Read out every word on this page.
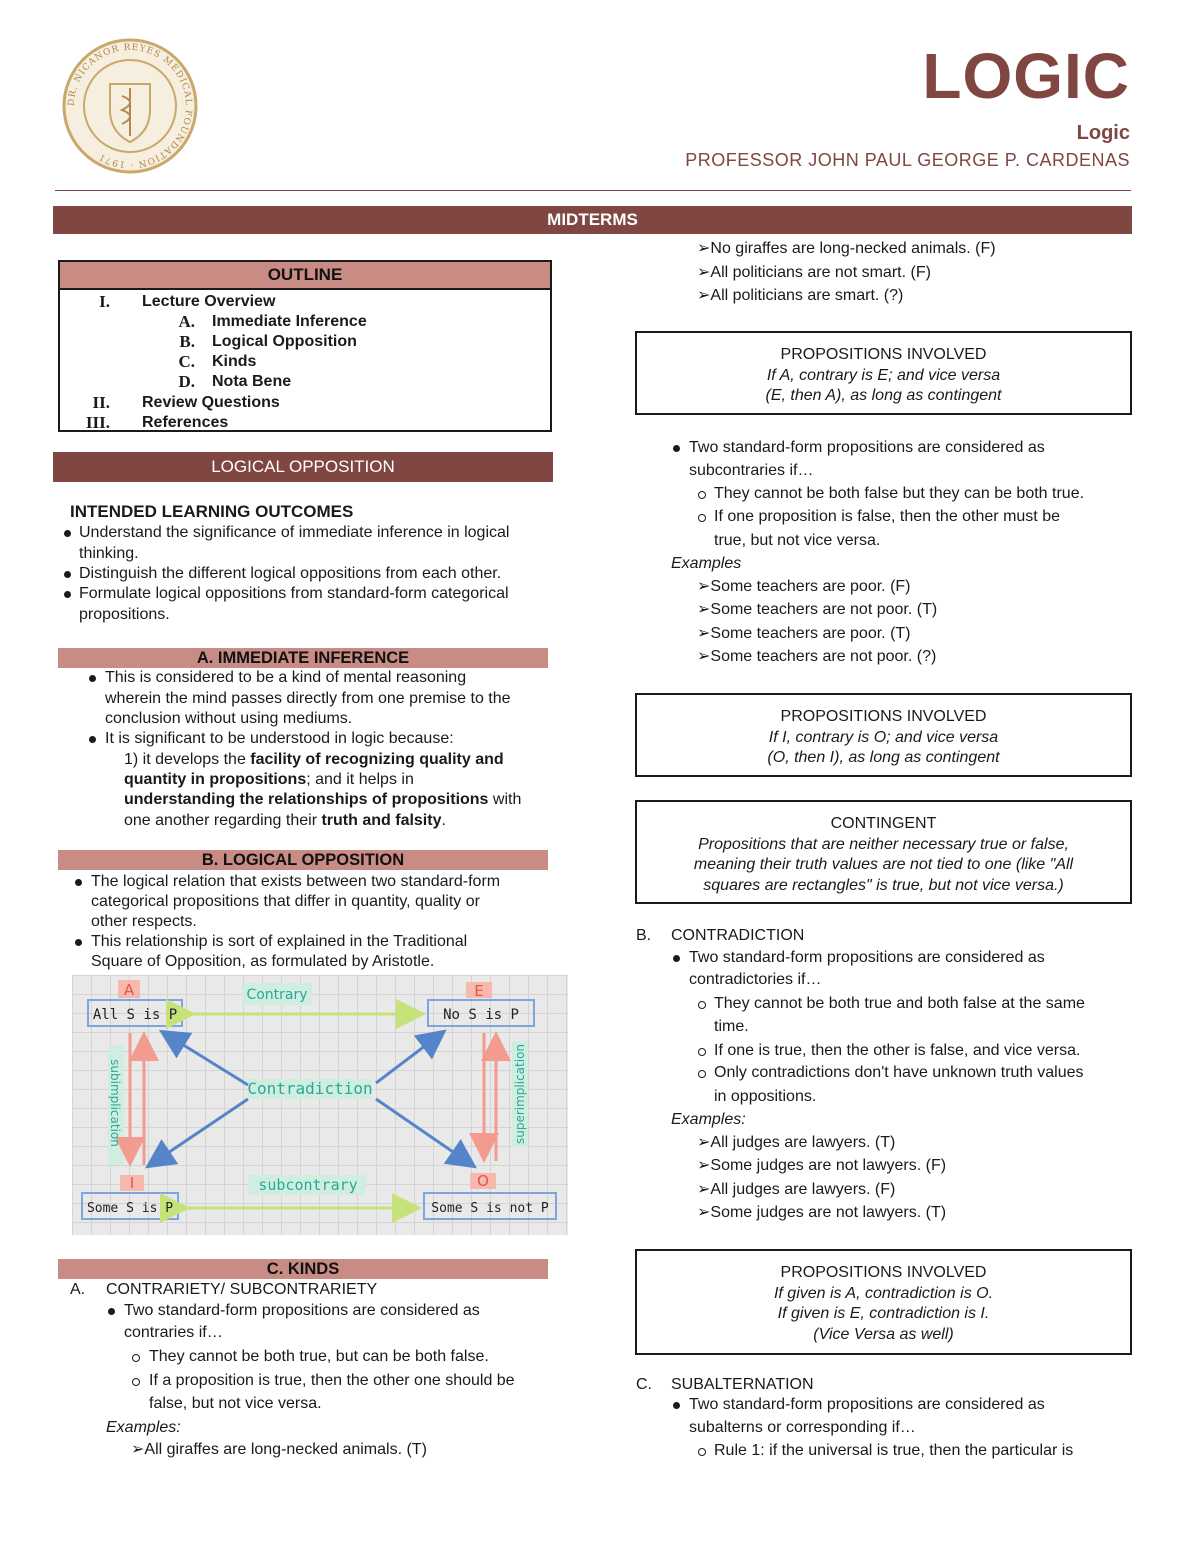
DR. NICANOR REYES MEDICAL FOUNDATION · 1971
LOGIC
Logic
PROFESSOR JOHN PAUL GEORGE P. CARDENAS
MIDTERMS
OUTLINE
I. Lecture Overview
A. Immediate Inference
B. Logical Opposition
C. Kinds
D. Nota Bene
II. Review Questions
III. References
LOGICAL OPPOSITION
INTENDED LEARNING OUTCOMES
Understand the significance of immediate inference in logical
thinking.
Distinguish the different logical oppositions from each other.
Formulate logical oppositions from standard-form categorical
propositions.
A. IMMEDIATE INFERENCE
This is considered to be a kind of mental reasoning
wherein the mind passes directly from one premise to the
conclusion without using mediums.
It is significant to be understood in logic because:
1) it develops the facility of recognizing quality and
quantity in propositions; and it helps in
understanding the relationships of propositions with
one another regarding their truth and falsity.
B. LOGICAL OPPOSITION
The logical relation that exists between two standard-form
categorical propositions that differ in quantity, quality or
other respects.
This relationship is sort of explained in the Traditional
Square of Opposition, as formulated by Aristotle.
A	E
I	O
All S is P	No S is P
Some S is P	Some S is not P
Contrary
Contradiction
subcontrary
subimplication	superimplication
C. KINDS
A. CONTRARIETY/ SUBCONTRARIETY
Two standard-form propositions are considered as
contraries if…
They cannot be both true, but can be both false.
If a proposition is true, then the other one should be
false, but not vice versa.
Examples:
➢All giraffes are long-necked animals. (T)
➢No giraffes are long-necked animals. (F)
➢All politicians are not smart. (F)
➢All politicians are smart. (?)
PROPOSITIONS INVOLVED
If A, contrary is E; and vice versa
(E, then A), as long as contingent
Two standard-form propositions are considered as
subcontraries if…
They cannot be both false but they can be both true.
If one proposition is false, then the other must be
true, but not vice versa.
Examples
➢Some teachers are poor. (F)
➢Some teachers are not poor. (T)
➢Some teachers are poor. (T)
➢Some teachers are not poor. (?)
PROPOSITIONS INVOLVED
If I, contrary is O; and vice versa
(O, then I), as long as contingent
CONTINGENT
Propositions that are neither necessary true or false,
meaning their truth values are not tied to one (like "All
squares are rectangles" is true, but not vice versa.)
B. CONTRADICTION
Two standard-form propositions are considered as
contradictories if…
They cannot be both true and both false at the same
time.
If one is true, then the other is false, and vice versa.
Only contradictions don't have unknown truth values
in oppositions.
Examples:
➢All judges are lawyers. (T)
➢Some judges are not lawyers. (F)
➢All judges are lawyers. (F)
➢Some judges are not lawyers. (T)
PROPOSITIONS INVOLVED
If given is A, contradiction is O.
If given is E, contradiction is I.
(Vice Versa as well)
C. SUBALTERNATION
Two standard-form propositions are considered as
subalterns or corresponding if…
Rule 1: if the universal is true, then the particular is
